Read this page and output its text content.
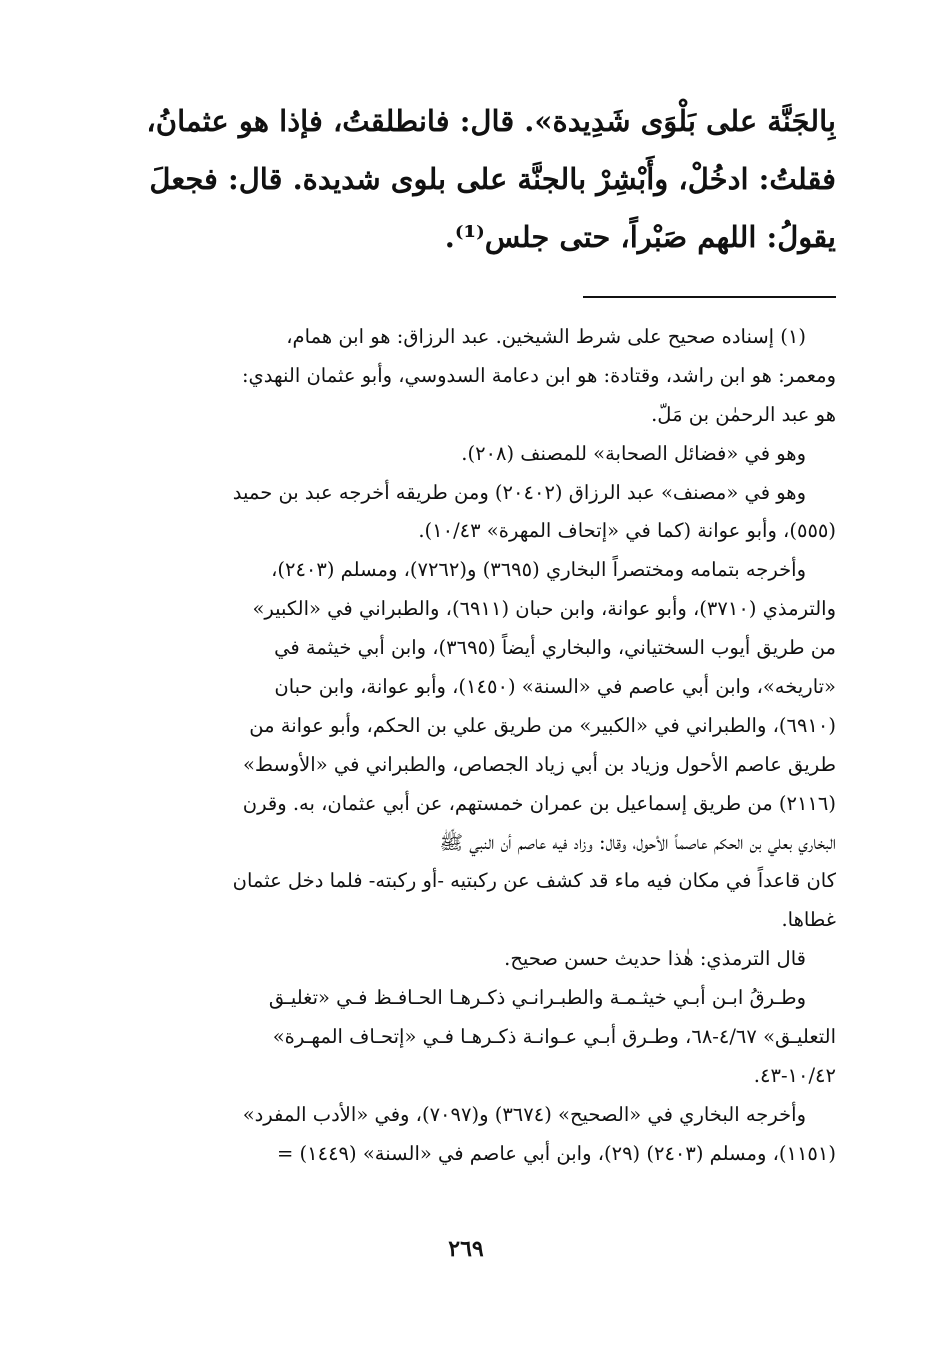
بِالجَنَّة على بَلْوَى شَدِيدة». قال: فانطلقتُ، فإذا هو عثمانُ،
فقلتُ: ادخُلْ، وأَبْشِرْ بالجنَّة على بلوى شديدة. قال: فجعلَ
يقولُ: اللهم صَبْراً، حتى جلس⁽¹⁾.
(١) إسناده صحيح على شرط الشيخين. عبد الرزاق: هو ابن همام،
ومعمر: هو ابن راشد، وقتادة: هو ابن دعامة السدوسي، وأبو عثمان النهدي:
هو عبد الرحمٰن بن مَلّ.
وهو في «فضائل الصحابة» للمصنف (٢٠٨).
وهو في «مصنف» عبد الرزاق (٢٠٤٠٢) ومن طريقه أخرجه عبد بن حميد
(٥٥٥)، وأبو عوانة (كما في «إتحاف المهرة» ١٠/٤٣).
وأخرجه بتمامه ومختصراً البخاري (٣٦٩٥) و(٧٢٦٢)، ومسلم (٢٤٠٣)،
والترمذي (٣٧١٠)، وأبو عوانة، وابن حبان (٦٩١١)، والطبراني في «الكبير»
من طريق أيوب السختياني، والبخاري أيضاً (٣٦٩٥)، وابن أبي خيثمة في
«تاريخه»، وابن أبي عاصم في «السنة» (١٤٥٠)، وأبو عوانة، وابن حبان
(٦٩١٠)، والطبراني في «الكبير» من طريق علي بن الحكم، وأبو عوانة من
طريق عاصم الأحول وزياد بن أبي زياد الجصاص، والطبراني في «الأوسط»
(٢١١٦) من طريق إسماعيل بن عمران خمستهم، عن أبي عثمان، به. وقرن
البخاري بعلي بن الحكم عاصماً الأحول، وقال: وزاد فيه عاصم أن النبي ﷺ
كان قاعداً في مكان فيه ماء قد كشف عن ركبتيه -أو ركبته- فلما دخل عثمان
غطاها.
قال الترمذي: هٰذا حديث حسن صحيح.
وطـرقُ ابـن أبـي خيثـمـة والطبـرانـي ذكـرهـا الحـافـظ فـي «تغليـق
التعليـق» ٤/٦٧-٦٨، وطـرق أبـي عـوانـة ذكـرهـا فـي «إتحـاف المهـرة»
١٠/٤٢-٤٣.
وأخرجه البخاري في «الصحيح» (٣٦٧٤) و(٧٠٩٧)، وفي «الأدب المفرد»
(١١٥١)، ومسلم (٢٤٠٣) (٢٩)، وابن أبي عاصم في «السنة» (١٤٤٩) =
٢٦٩
